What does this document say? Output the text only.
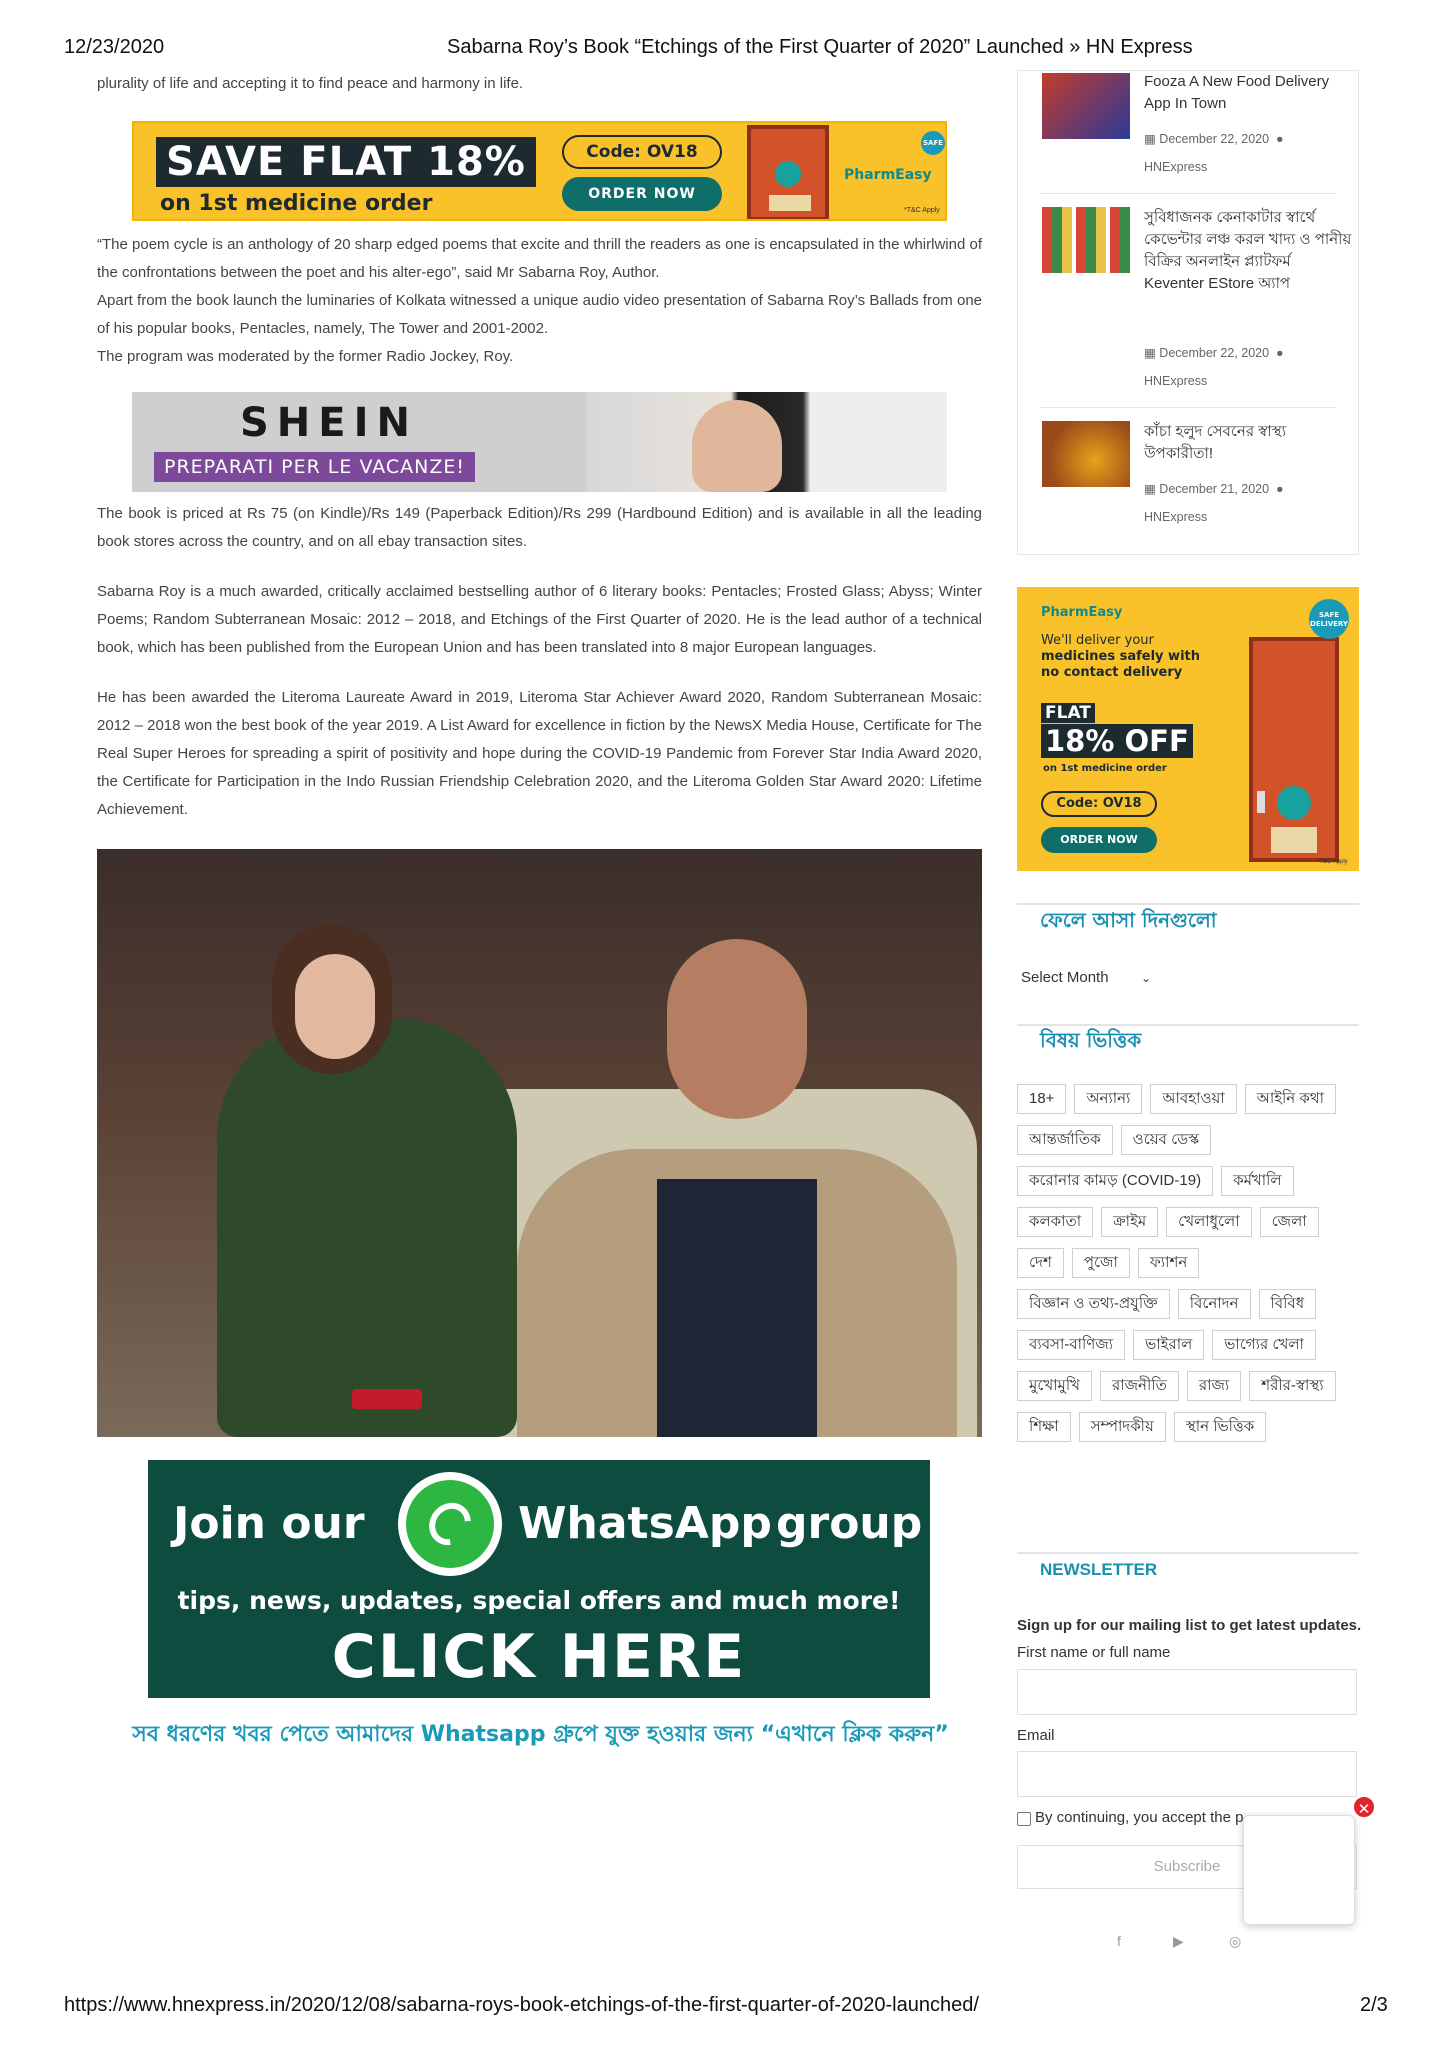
12/23/2020	Sabarna Roy’s Book “Etchings of the First Quarter of 2020” Launched » HN Express
plurality of life and accepting it to find peace and harmony in life.
SAVE FLAT 18%
on 1st medicine order
Code: OV18
ORDER NOW
PharmEasy
SAFE
*T&C Apply
“The poem cycle is an anthology of 20 sharp edged poems that excite and thrill the readers as one is encapsulated in the whirlwind of the confrontations between the poet and his alter-ego”, said Mr Sabarna Roy, Author.
Apart from the book launch the luminaries of Kolkata witnessed a unique audio video presentation of Sabarna Roy’s Ballads from one of his popular books, Pentacles, namely, The Tower and 2001-2002.
The program was moderated by the former Radio Jockey, Roy.
SHEIN
PREPARATI PER LE VACANZE!
The book is priced at Rs 75 (on Kindle)/Rs 149 (Paperback Edition)/Rs 299 (Hardbound Edition) and is available in all the leading book stores across the country, and on all ebay transaction sites.
Sabarna Roy is a much awarded, critically acclaimed bestselling author of 6 literary books: Pentacles; Frosted Glass; Abyss; Winter Poems; Random Subterranean Mosaic: 2012 – 2018, and Etchings of the First Quarter of 2020. He is the lead author of a technical book, which has been published from the European Union and has been translated into 8 major European languages.
He has been awarded the Literoma Laureate Award in 2019, Literoma Star Achiever Award 2020, Random Subterranean Mosaic: 2012 – 2018 won the best book of the year 2019. A List Award for excellence in fiction by the NewsX Media House, Certificate for The Real Super Heroes for spreading a spirit of positivity and hope during the COVID-19 Pandemic from Forever Star India Award 2020, the Certificate for Participation in the Indo Russian Friendship Celebration 2020, and the Literoma Golden Star Award 2020: Lifetime Achievement.
Join our	WhatsApp group
tips, news, updates, special offers and much more!
CLICK HERE
সব ধরণের খবর পেতে আমাদের Whatsapp গ্রুপে যুক্ত হওয়ার জন্য “এখানে ক্লিক করুন”
Fooza A New Food Delivery App In Town
▦ December 22, 2020  ●
HNExpress
সুবিধাজনক কেনাকাটার স্বার্থে কেভেন্টার লঞ্চ করল খাদ্য ও পানীয় বিক্রির অনলাইন প্ল্যাটফর্ম Keventer EStore অ্যাপ
▦ December 22, 2020  ●
HNExpress
কাঁচা হলুদ সেবনের স্বাস্থ্য উপকারীতা!
▦ December 21, 2020  ●
HNExpress
PharmEasy
We'll deliver your
medicines safely with
no contact delivery
FLAT
18% OFF
on 1st medicine order
Code: OV18
ORDER NOW
SAFE DELIVERY
*T&C Apply
ফেলে আসা দিনগুলো
Select Month	⌄
বিষয় ভিত্তিক
18+	অন্যান্য	আবহাওয়া	আইনি কথা
আন্তর্জাতিক	ওয়েব ডেস্ক
করোনার কামড় (COVID-19)	কর্মখালি
কলকাতা	ক্রাইম	খেলাধুলো	জেলা
দেশ	পুজো	ফ্যাশন
বিজ্ঞান ও তথ্য-প্রযুক্তি	বিনোদন	বিবিধ
ব্যবসা-বাণিজ্য	ভাইরাল	ভাগ্যের খেলা
মুখোমুখি	রাজনীতি	রাজ্য	শরীর-স্বাস্থ্য
শিক্ষা	সম্পাদকীয়	স্থান ভিত্তিক
NEWSLETTER
Sign up for our mailing list to get latest updates.
First name or full name
Email
By continuing, you accept the p
Subscribe
✕
f	▶	◎
https://www.hnexpress.in/2020/12/08/sabarna-roys-book-etchings-of-the-first-quarter-of-2020-launched/	2/3
